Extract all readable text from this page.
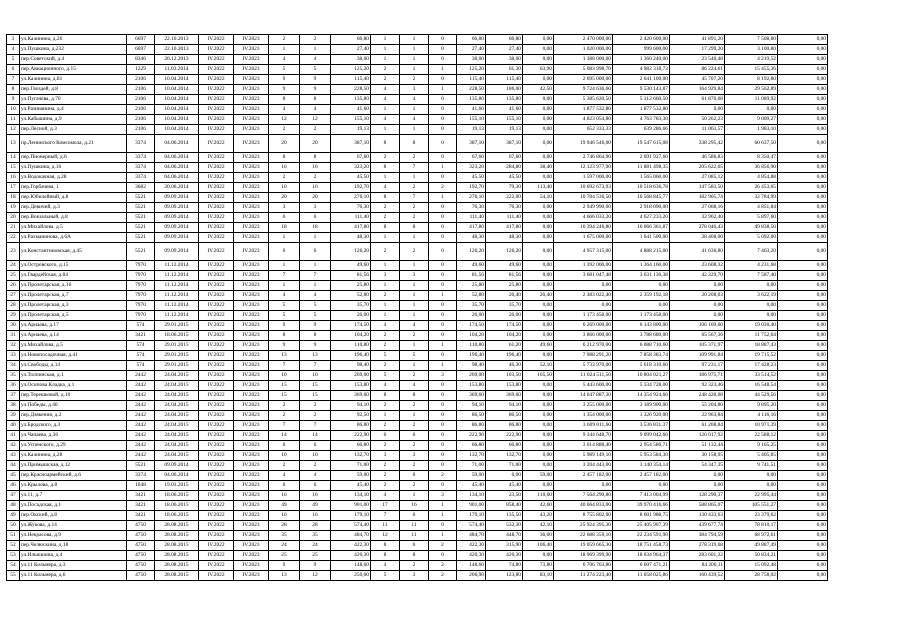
3	ул.Калинина, д.26	6697	22.10.2013	IV.2022	IV.2023	2	2	66,80	1	1	0	66,80	66,80	0,00	2 470 000,00	2 420 600,00	41 891,20	7 508,80	0,00
4	ул.Пушкина, д.232	6697	22.10.2013	IV.2022	IV.2023	1	1	27,40	1	1	0	27,40	27,40	0,00	1 020 000,00	999 600,00	17 299,20	3 100,80	0,00
5	пер.Советский, д.4	8346	26.12.2013	IV.2022	IV.2023	4	4	38,00	1	1	0	38,00	38,00	0,00	1 388 000,00	1 360 240,00	23 540,48	4 219,52	0,00
6	пер.Авиационного, д.15	1229	11.03.2014	IV.2022	IV.2023	5	5	125,20	2	1	1	125,20	61,30	63,90	5 083 998,70	4 982 318,73	86 224,61	15 455,36	0,00
7	ул.Калинина, д.81	2106	10.04.2014	IV.2022	IV.2023	9	9	115,40	2	2	0	115,40	115,40	0,00	2 695 000,00	2 641 100,00	45 707,20	8 192,80	0,00
8	пер.Гвоздей, д.8	2106	10.04.2014	IV.2022	IV.2023	9	9	228,50	4	3	1	228,50	186,00	42,50	9 724 636,60	9 530 143,87	164 929,84	29 562,89	0,00
9	ул.Пугачева, д.70	2106	10.04.2014	IV.2022	IV.2023	8	8	135,80	4	4	0	135,80	135,80	0,00	5 385 620,50	5 312 660,50	61 870,08	11 089,92	0,00
10	ул.Разинанина, д.4	2106	10.04.2014	IV.2022	IV.2023	4	4	41,60	1	1	0	41,60	41,60	0,00	1 877 532,80	1 877 532,80	0,00	0,00	0,00
11	ул.Кабышина, д.9	2106	10.04.2014	IV.2022	IV.2023	12	12	155,10	4	4	0	155,10	155,10	0,00	4 823 054,80	4 763 783,30	50 262,23	9 009,27	0,00
12	пер.Лесной, д.3	2106	10.04.2014	IV.2022	IV.2023	2	2	19,13	1	1	0	19,13	19,13	0,00	652 333,33	639 286,66	11 063,57	1 983,10	0,00
13	пр.Ленинского Комсомола, д.21	3374	04.06.2014	IV.2022	IV.2023	20	20	387,10	8	8	0	387,10	387,10	0,00	19 946 546,00	19 547 615,08	338 295,42	60 637,50	0,00
14	пер.Пионерный, д.6	3374	04.06.2014	IV.2022	IV.2023	8	8	67,60	2	2	0	67,60	67,60	0,00	2 746 864,90	2 691 927,60	46 586,83	8 350,47	0,00
15	ул.Пушкина, д.16	3374	04.06.2014	IV.2022	IV.2023	16	16	323,20	8	7	1	323,20	284,80	38,40	12 123 977,90	11 881 498,35	205 622,65	36 856,90	0,00
16	ул.Водокачная, д.28	3374	04.06.2014	IV.2022	IV.2023	2	2	45,50	1	1	0	45,50	45,50	0,00	1 597 000,00	1 565 060,00	27 085,12	4 854,88	0,00
17	пер.Горбачева, 1	3682	20.06.2014	IV.2022	IV.2023	10	10	192,70	4	2	2	192,70	79,30	113,40	10 692 673,93	10 518 636,78	147 583,50	26 453,65	0,00
18	пер.Юбилейный, д.8	5521	09.09.2014	IV.2022	IV.2023	20	20	276,10	8	7	1	276,10	222,00	54,10	10 784 536,50	10 568 845,77	182 905,74	32 784,99	0,00
19	пер.Девичий, д.3	5521	09.09.2014	IV.2022	IV.2023	3	3	76,30	2	2	0	76,30	76,30	0,00	2 949 990,00	2 918 090,00	27 068,16	4 851,84	0,00
20	пер.Вокзальный, д.8	5521	09.09.2014	IV.2022	IV.2023	6	6	111,40	2	2	0	111,40	111,40	0,00	4 666 033,20	4 627 233,20	32 902,40	5 897,60	0,00
21	ул.Михайлова, д.5	5521	09.09.2014	IV.2022	IV.2023	18	18	417,80	8	8	0	417,80	417,80	0,00	16 394 246,80	16 066 361,87	278 046,43	49 838,50	0,00
22	ул.Рахманинова, д.6А	5521	09.09.2014	IV.2022	IV.2023	1	1	48,30	1	1	0	48,30	48,30	0,00	1 675 000,00	1 641 500,00	28 408,00	5 092,00	0,00
23	ул.Константиновская, д.45	5521	09.09.2014	IV.2022	IV.2023	6	6	126,20	2	2	0	126,20	126,20	0,00	4 957 315,00	4 888 215,00	41 636,80	7 463,20	0,00
24	ул.Островского, д.15	7970	11.12.2014	IV.2022	IV.2023	1	1	49,60	1	1	0	49,60	49,60	0,00	1 392 000,00	1 364 160,00	23 608,32	4 231,68	0,00
25	ул.Гвардейская, д.84	7970	11.12.2014	IV.2022	IV.2023	7	7	81,56	3	3	0	81,56	81,56	0,00	3 681 047,48	3 631 130,38	42 329,70	7 587,40	0,00
26	ул.Пролетарская, д.16	7970	11.12.2014	IV.2022	IV.2023	1	1	25,80	1	1	0	25,80	25,80	0,00	0,00	0,00	0,00	0,00	0,00
27	ул.Пролетарская, д.7	7970	11.12.2014	IV.2022	IV.2023	4	4	52,80	2	1	1	52,80	26,40	26,40	2 383 022,40	2 359 192,18	20 208,03	3 622,19	0,00
28	ул.Пролетарская, д.3	7970	11.12.2014	IV.2022	IV.2023	5	5	35,70	1	1	0	35,70	35,70	0,00	0,00	0,00	0,00	0,00	0,00
29	ул.Пролетарская, д.5	7970	11.12.2014	IV.2022	IV.2023	5	5	26,00	1	1	0	26,00	26,00	0,00	1 173 458,00	1 173 458,00	0,00	0,00	0,00
30	ул.Арнаева, д.17	574	29.01.2015	IV.2022	IV.2023	9	9	174,50	4	4	0	174,50	174,50	0,00	6 269 000,00	6 143 800,00	106 169,60	19 030,40	0,00
31	ул.Арнаева, д.14	3421	18.06.2015	IV.2022	IV.2023	8	8	104,20	2	2	0	104,20	104,20	0,00	3 866 000,00	3 788 680,00	65 567,36	11 752,64	0,00
32	ул.Михайлова, д.5	574	29.01.2015	IV.2022	IV.2023	9	9	110,80	2	1	1	110,80	61,20	49,60	6 212 970,00	6 088 710,60	105 371,97	18 887,43	0,00
33	ул.Новопосадочная, д.41	574	29.01.2015	IV.2022	IV.2023	13	13	196,40	5	5	0	196,40	196,40	0,00	7 988 291,20	7 858 383,74	109 991,84	19 715,52	0,00
34	ул.Свободы, д.14	574	29.01.2015	IV.2022	IV.2023	7	7	98,40	2	1	1	98,40	46,30	52,10	5 733 970,00	5 618 310,60	97 231,17	17 428,23	0,00
35	ул.Толпинская, д.1	2442	24.04.2015	IV.2022	IV.2023	10	10	269,00	5	2	3	269,00	103,50	165,50	11 024 511,50	10 804 021,27	186 975,71	33 514,52	0,00
36	ул.Осипова Кладка, д.1	2442	24.04.2015	IV.2022	IV.2023	15	15	153,80	4	4	0	153,80	153,80	0,00	5 443 600,00	5 334 728,00	92 323,46	16 548,54	0,00
37	пер.Терешковой, д.10	2442	24.04.2015	IV.2022	IV.2023	15	15	369,60	8	8	0	369,60	369,60	0,00	14 647 887,30	14 354 924,66	248 428,08	44 529,56	0,00
38	ул.Победы, д.40	2442	24.04.2015	IV.2022	IV.2023	2	2	94,10	2	2	0	94,10	94,10	0,00	3 255 000,00	3 189 900,00	55 204,80	9 895,20	0,00
39	пер.Дзякения, д.2	2442	24.04.2015	IV.2022	IV.2023	2	2	92,50	1	1	0	86,50	86,50	0,00	1 354 000,00	1 326 920,00	22 963,84	4 116,16	0,00
40	ул.Бродского, д.3	2442	24.04.2015	IV.2022	IV.2023	7	7	86,80	2	2	0	86,80	86,80	0,00	3 609 011,60	3 536 831,37	61 208,84	10 971,39	0,00
41	ул.Чапаева, д.36	2442	24.04.2015	IV.2022	IV.2023	14	14	222,90	6	6	0	222,90	222,90	0,00	9 344 648,70	9 099 042,66	126 017,92	22 588,12	0,00
42	ул.Успенского, д.29	2442	24.04.2015	IV.2022	IV.2023	6	6	66,80	2	2	0	66,80	66,80	0,00	3 014 888,40	2 954 586,71	51 132,44	9 165,25	0,00
43	ул.Калинина, д.28	2442	24.04.2015	IV.2022	IV.2023	10	10	132,70	3	3	0	132,70	132,70	0,00	5 989 149,10	5 953 584,30	30 158,95	5 405,85	0,00
44	ул.Примышская, д.12	5521	09.09.2014	IV.2022	IV.2023	2	2	71,00	2	2	0	71,00	71,00	0,00	3 204 443,00	3 140 354,14	54 347,35	9 741,51	0,00
45	пер.Красноармейский, д.6	3374	04.06.2014	IV.2022	IV.2023	4	4	59,00	2	0	2	59,00	0,00	59,00	2 457 182,00	2 457 182,00	0,00	0,00	0,00
46	ул.Крылова, д.8	1648	19.03.2015	IV.2022	IV.2023	6	6	45,40	2	2	0	45,40	45,40	0,00	0,00	0,00	0,00	0,00	0,00
47	ул.11, д.7	3421	18.06.2015	IV.2022	IV.2023	16	16	134,10	4	1	3	134,10	23,50	110,60	7 564 290,80	7 413 004,99	128 290,37	22 995,44	0,00
48	ул.Посадская, д.1	3421	18.06.2015	IV.2022	IV.2023	49	49	901,00	17	16	1	901,00	858,40	42,60	40 664 833,00	39 970 416,66	588 865,07	105 551,27	0,00
49	пер.Окский, д.8	3421	18.06.2015	IV.2022	IV.2023	16	16	179,10	7	6	1	179,10	135,50	43,20	8 755 802,00	8 601 988,75	130 433,63	23 379,62	0,00
50	ул.Жукова, д.14	4750	28.08.2015	IV.2022	IV.2023	28	28	574,40	11	11	0	574,40	532,30	42,10	25 924 395,30	25 405 907,39	439 677,74	78 810,17	0,00
51	ул.Некрасова, д.9	4750	28.08.2015	IV.2022	IV.2023	35	35	484,70	12	11	1	484,70	448,70	36,00	22 688 359,10	22 234 591,90	384 794,59	68 972,61	0,00
52	пер.Челюскина, д.18	4750	28.08.2015	IV.2022	IV.2023	24	24	422,30	8	6	2	422,30	315,90	106,40	19 059 665,30	18 751 458,73	278 319,68	49 887,49	0,00
53	ул.Ильюшина, д.4	4750	28.08.2015	IV.2022	IV.2023	25	25	420,30	8	8	0	420,30	420,30	0,00	18 969 399,90	18 634 964,37	283 601,32	50 834,21	0,00
54	ул.11 Кольмера, д.3	4750	28.08.2015	IV.2022	IV.2023	9	9	148,60	4	2	2	148,60	74,80	73,80	6 706 763,80	6 607 471,21	84 200,11	15 092,48	0,00
55	ул.11 Кольмера, д.6	4750	28.08.2015	IV.2022	IV.2023	13	12	250,00	5	3	2	206,90	123,80	83,10	11 274 223,40	11 058 025,86	160 439,52	28 758,02	0,00
